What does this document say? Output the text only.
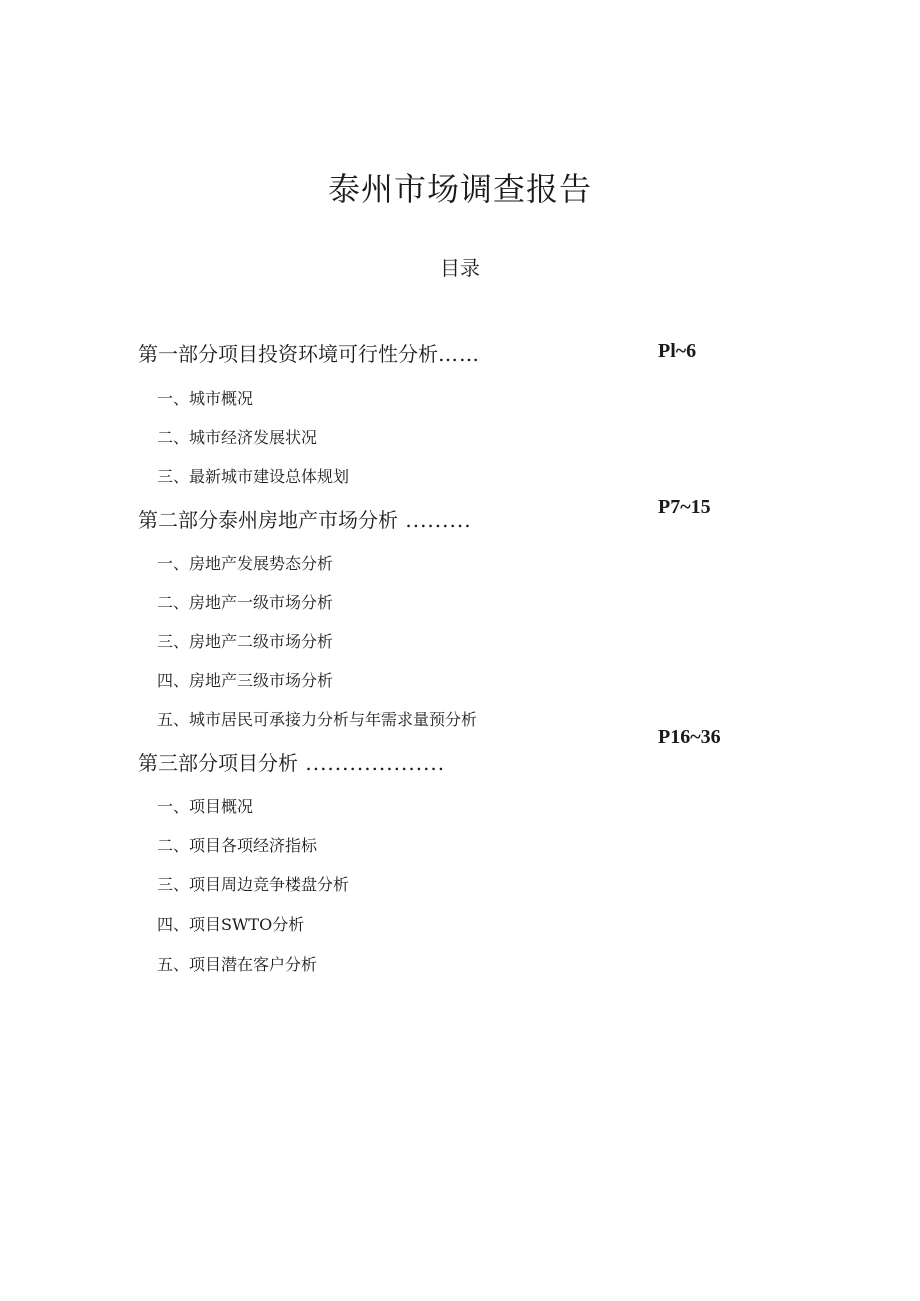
泰州市场调查报告
目录
第一部分项目投资环境可行性分析……	Pl~6
一、城市概况
二、城市经济发展状况
三、最新城市建设总体规划
第二部分泰州房地产市场分析 .........
P7~15
一、房地产发展势态分析
二、房地产一级市场分析
三、房地产二级市场分析
四、房地产三级市场分析
五、城市居民可承接力分析与年需求量预分析
第三部分项目分析 ...................
P16~36
一、项目概况
二、项目各项经济指标
三、项目周边竞争楼盘分析
四、项目SWTO分析
五、项目潜在客户分析
